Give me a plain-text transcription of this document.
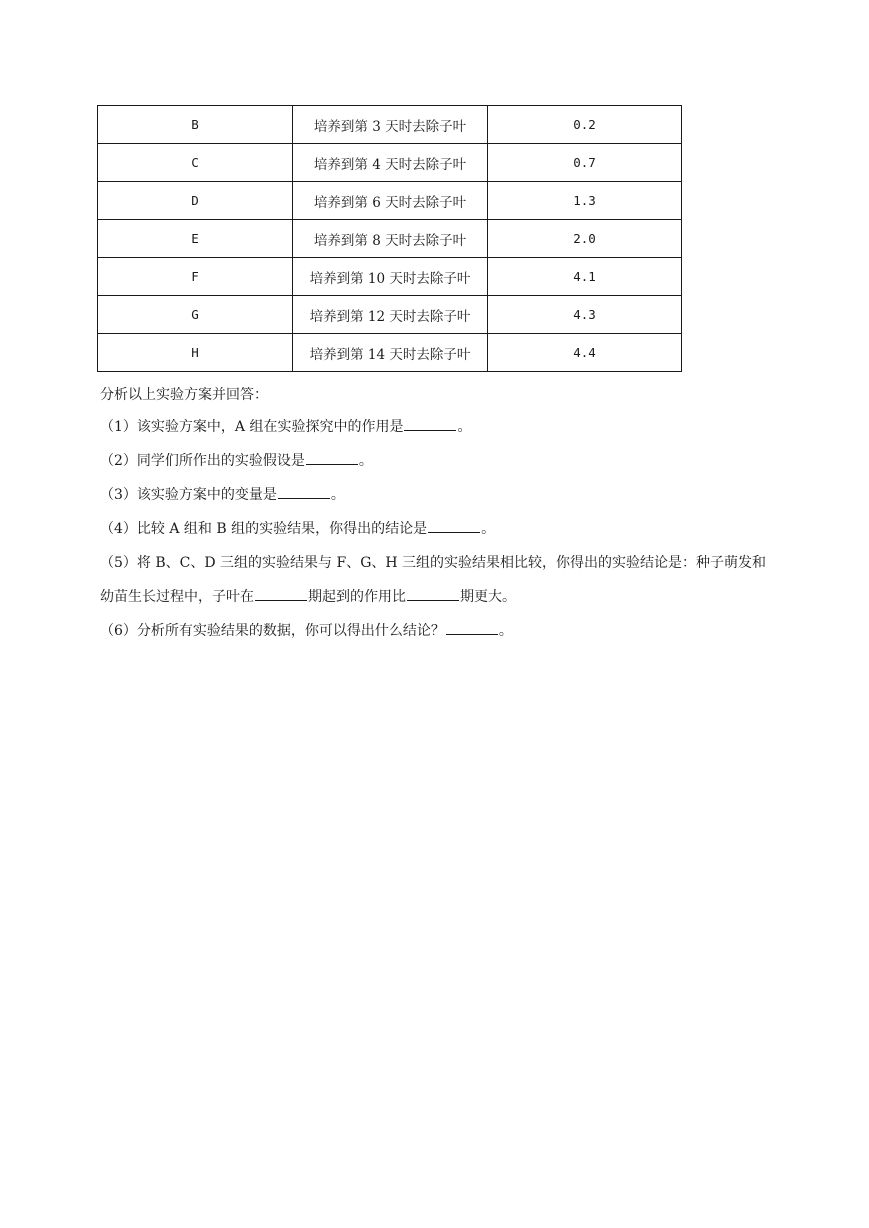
B	培养到第 3 天时去除子叶	0.2
C	培养到第 4 天时去除子叶	0.7
D	培养到第 6 天时去除子叶	1.3
E	培养到第 8 天时去除子叶	2.0
F	培养到第 10 天时去除子叶	4.1
G	培养到第 12 天时去除子叶	4.3
H	培养到第 14 天时去除子叶	4.4
分析以上实验方案并回答：
（1）该实验方案中，A 组在实验探究中的作用是	。
（2）同学们所作出的实验假设是	。
（3）该实验方案中的变量是	。
（4）比较 A 组和 B 组的实验结果，你得出的结论是	。
（5）将 B、C、D 三组的实验结果与 F、G、H 三组的实验结果相比较，你得出的实验结论是：种子萌发和
幼苗生长过程中，子叶在	期起到的作用比	期更大。
（6）分析所有实验结果的数据，你可以得出什么结论？	。
